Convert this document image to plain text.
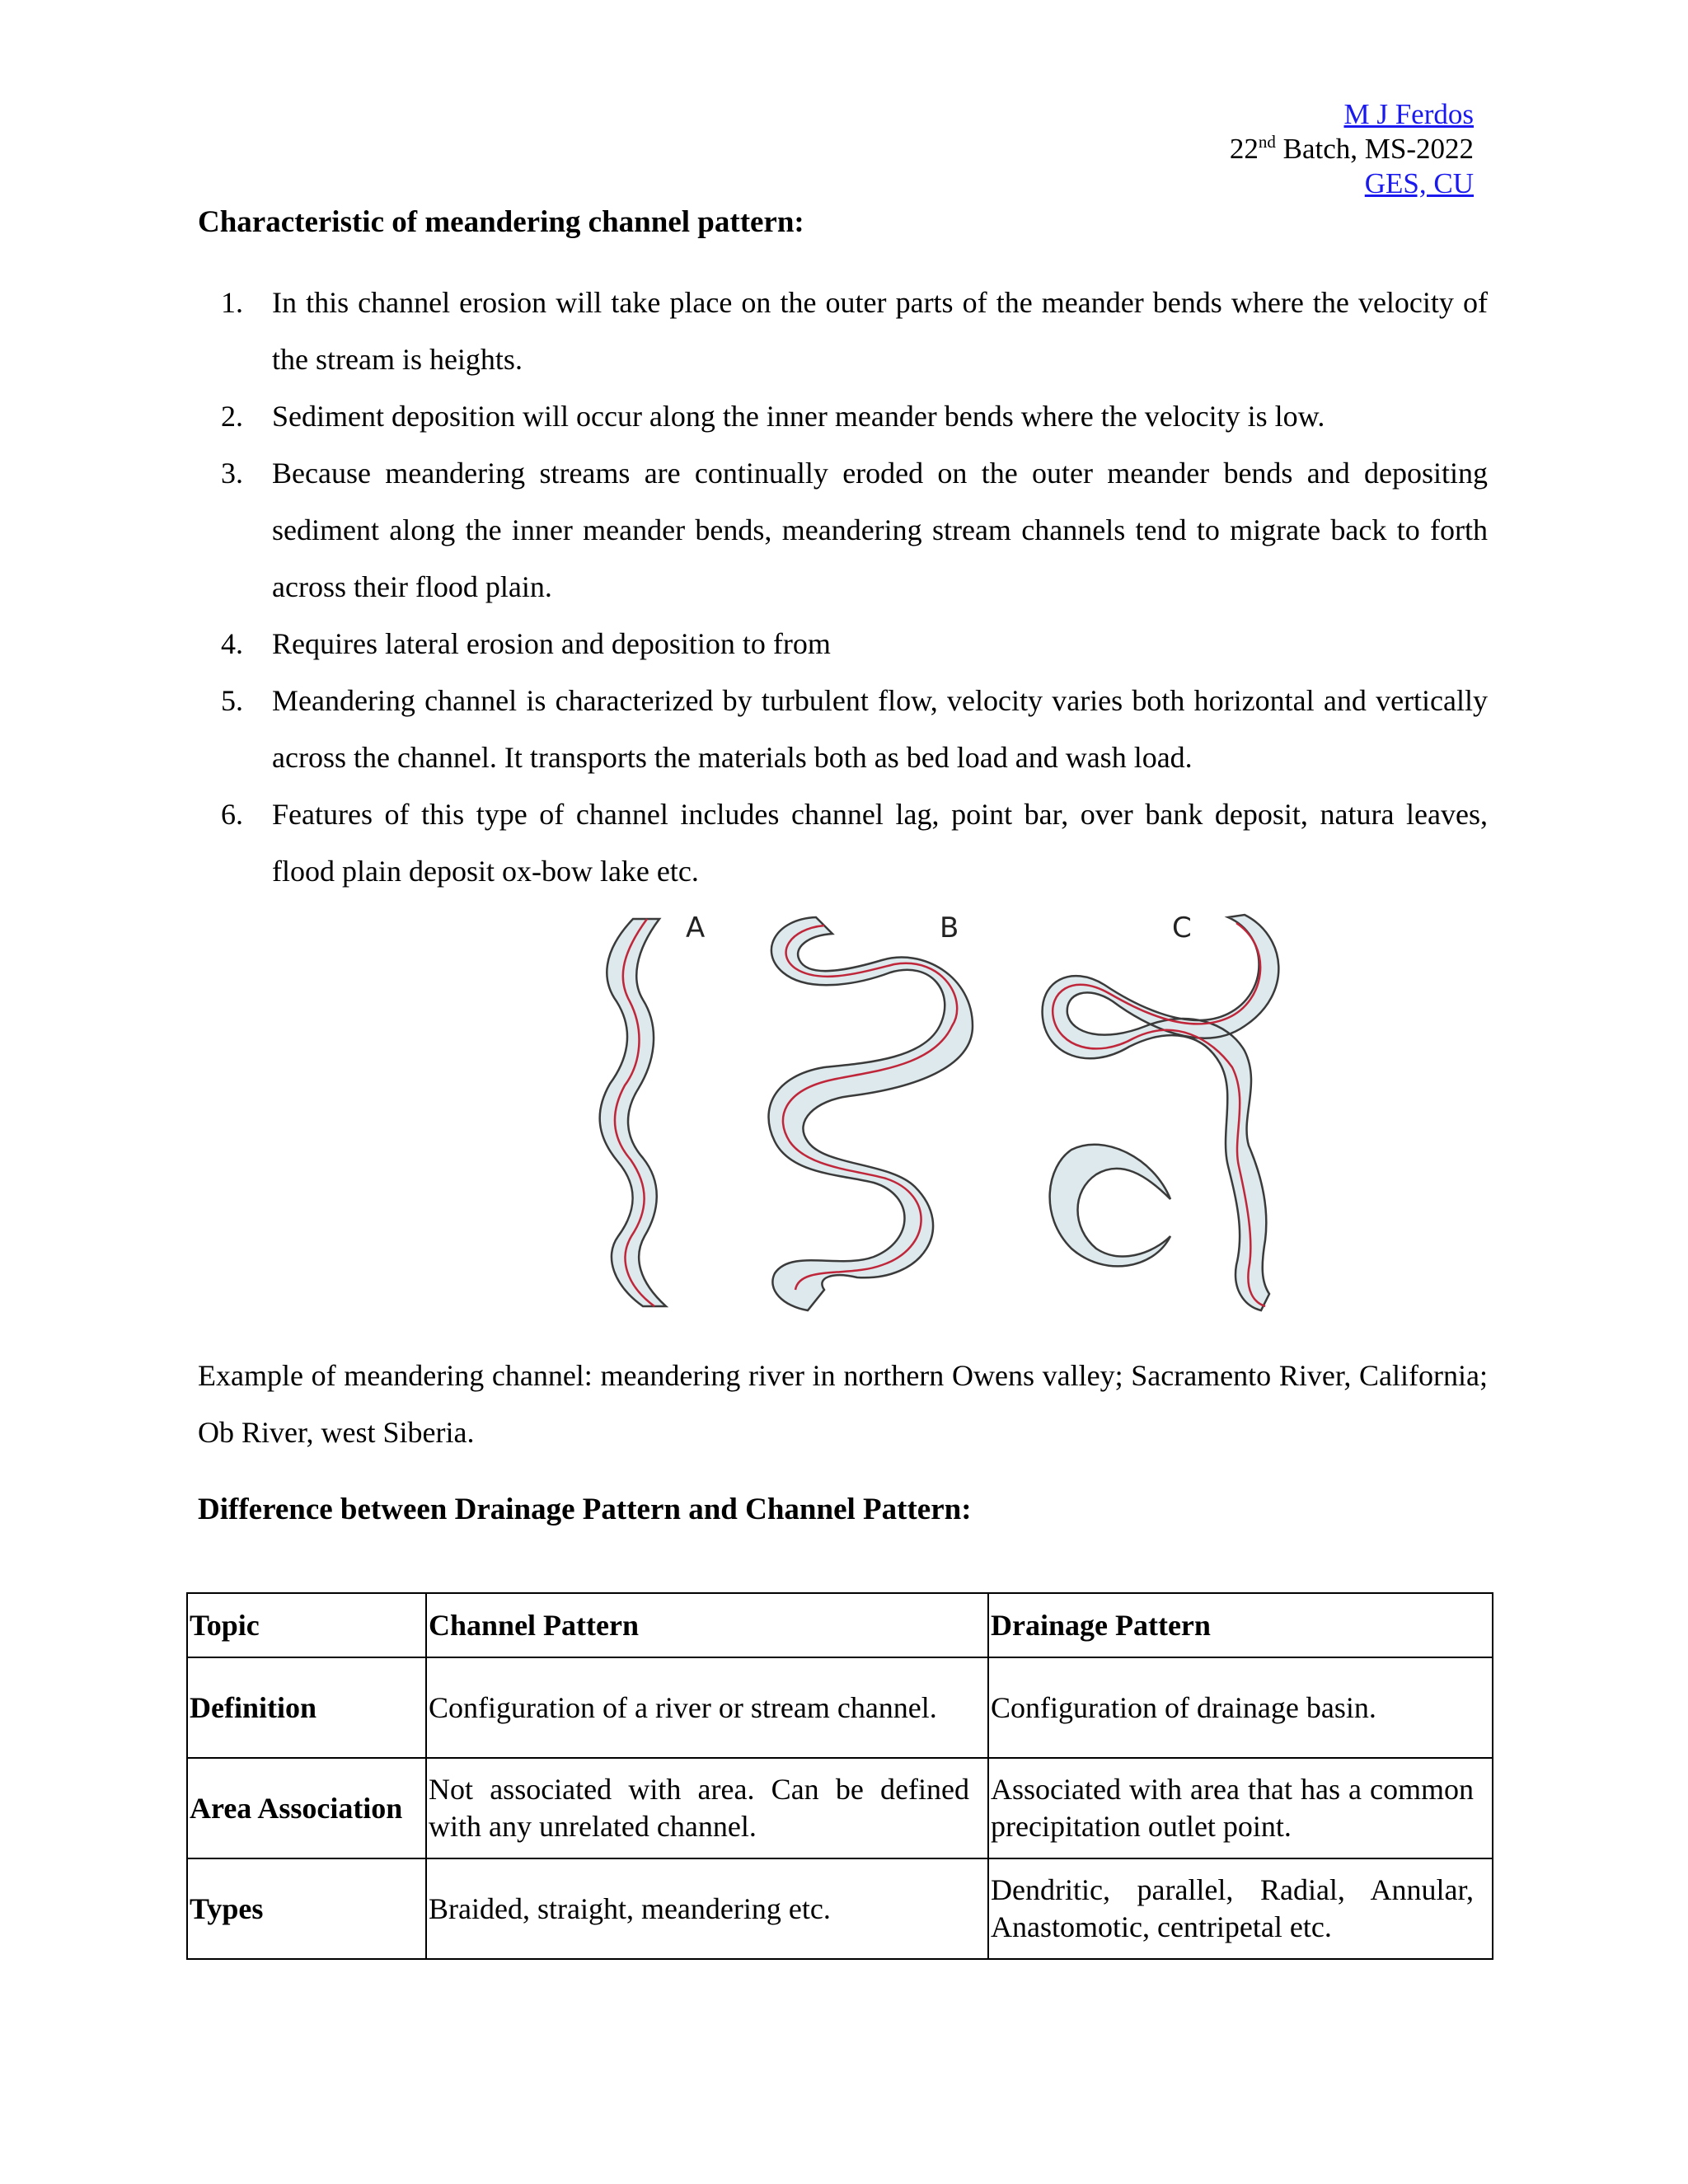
M J Ferdos
22nd Batch, MS-2022
GES, CU
Characteristic of meandering channel pattern:
1. In this channel erosion will take place on the outer parts of the meander bends where the velocity of the stream is heights.
2. Sediment deposition will occur along the inner meander bends where the velocity is low.
3. Because meandering streams are continually eroded on the outer meander bends and depositing sediment along the inner meander bends, meandering stream channels tend to migrate back to forth across their flood plain.
4. Requires lateral erosion and deposition to from
5. Meandering channel is characterized by turbulent flow, velocity varies both horizontal and vertically across the channel. It transports the materials both as bed load and wash load.
6. Features of this type of channel includes channel lag, point bar, over bank deposit, natura leaves, flood plain deposit ox-bow lake etc.
A	B	C
Example of meandering channel: meandering river in northern Owens valley; Sacramento River, California; Ob River, west Siberia.
Difference between Drainage Pattern and Channel Pattern:
Topic	Channel Pattern	Drainage Pattern
Definition	Configuration of a river or stream channel.	Configuration of drainage basin.
Area Association	Not associated with area. Can be defined with any unrelated channel.	Associated with area that has a common precipitation outlet point.
Types	Braided, straight, meandering etc.	Dendritic, parallel, Radial, Annular, Anastomotic, centripetal etc.
